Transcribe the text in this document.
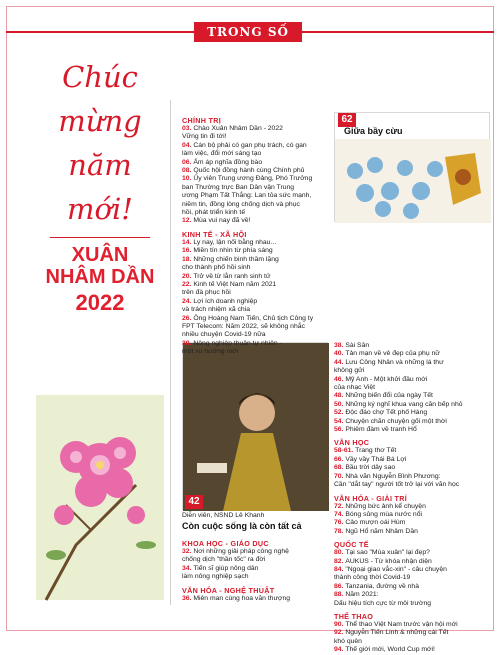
TRONG SỐ NÀY
Chúc
mừng
năm
mới!
XUÂN
NHÂM DẦN
2022
62
Giữa bầy cừu
42
Diễn viên, NSND Lê Khanh
Còn cuộc sống là còn tất cả
CHÍNH TRỊ
03. Chào Xuân Nhâm Dần - 2022
Vững tin đi tới!
04. Cán bộ phải có gan phụ trách, có gan
làm việc, đổi mới sáng tạo
06. Ấm áp nghĩa đồng bào
08. Quốc hội đồng hành cùng Chính phủ
10. Ủy viên Trung ương Đảng, Phó Trưởng
ban Thường trực Ban Dân vận Trung
ương Phạm Tất Thắng: Lan tỏa sức mạnh,
niềm tin, đồng lòng chống dịch và phục
hồi, phát triển kinh tế
12. Mùa vui nay đã về!
KINH TẾ - XÃ HỘI
14. Ly nay, lận nối bằng nhau...
16. Miền tín nhìn từ phía sáng
18. Những chiến binh thầm lặng
cho thành phố hồi sinh
20. Trở về từ lằn ranh sinh tử
22. Kinh tế Việt Nam năm 2021
trên đà phục hồi
24. Lợi ích doanh nghiệp
và trách nhiệm xã chia
26. Ông Hoàng Nam Tiến, Chủ tịch Công ty
FPT Telecom: Năm 2022, sẽ không nhắc
nhiều chuyện Covid-19 nữa
30. Nông nghiệp thuận tự nhiên -
một xu hướng mới
KHOA HỌC - GIÁO DỤC
32. Nơi những giải pháp công nghệ
chống dịch "thần tốc" ra đời
34. Tiến sĩ giúp nông dân
làm nông nghiệp sạch
VĂN HÓA - NGHỆ THUẬT
36. Miên man cùng hoa văn thượng
38. Sài Sân
40. Tản mạn về vẻ đẹp của phụ nữ
44. Lưu Công Nhân và những lá thư
không gửi
46. Mỹ Anh - Một khởi đầu mới
của nhạc Việt
48. Những biến đổi của ngày Tết
50. Những ký nghĩ khua vang căn bếp nhỏ
52. Độc đáo chợ Tết phố Hàng
54. Chuyện chăn chuyện gối một thời
56. Phiêm đàm về tranh Hổ
VĂN HỌC
58-61. Trang thơ Tết
66. Vầy vầy Thái Bá Lợi
68. Bầu trời dây sao
70. Nhà văn Nguyễn Bình Phương:
Cần "dắt tay" người tốt trở lại với văn học
VĂN HÓA - GIẢI TRÍ
72. Những bức ảnh kể chuyện
74. Bóng sủng mùa nước nổi
76. Cảo mượn oái Hùm
78. Ngũ Hổ năm Nhâm Dần
QUỐC TẾ
80. Tại sao "Mùa xuân" lại đẹp?
82. AUKUS - Từ khóa nhận diện
84. "Ngoại giao vắc-xin" - câu chuyện
thành công thời Covid-19
86. Tanzania, đường về nhà
88. Năm 2021:
Dấu hiệu tích cực từ môi trường
THỂ THAO
90. Thể thao Việt Nam trước vận hội mới
92. Nguyễn Tiến Linh & những cái Tết
khó quên
94. Thế giới mới, World Cup mới!
